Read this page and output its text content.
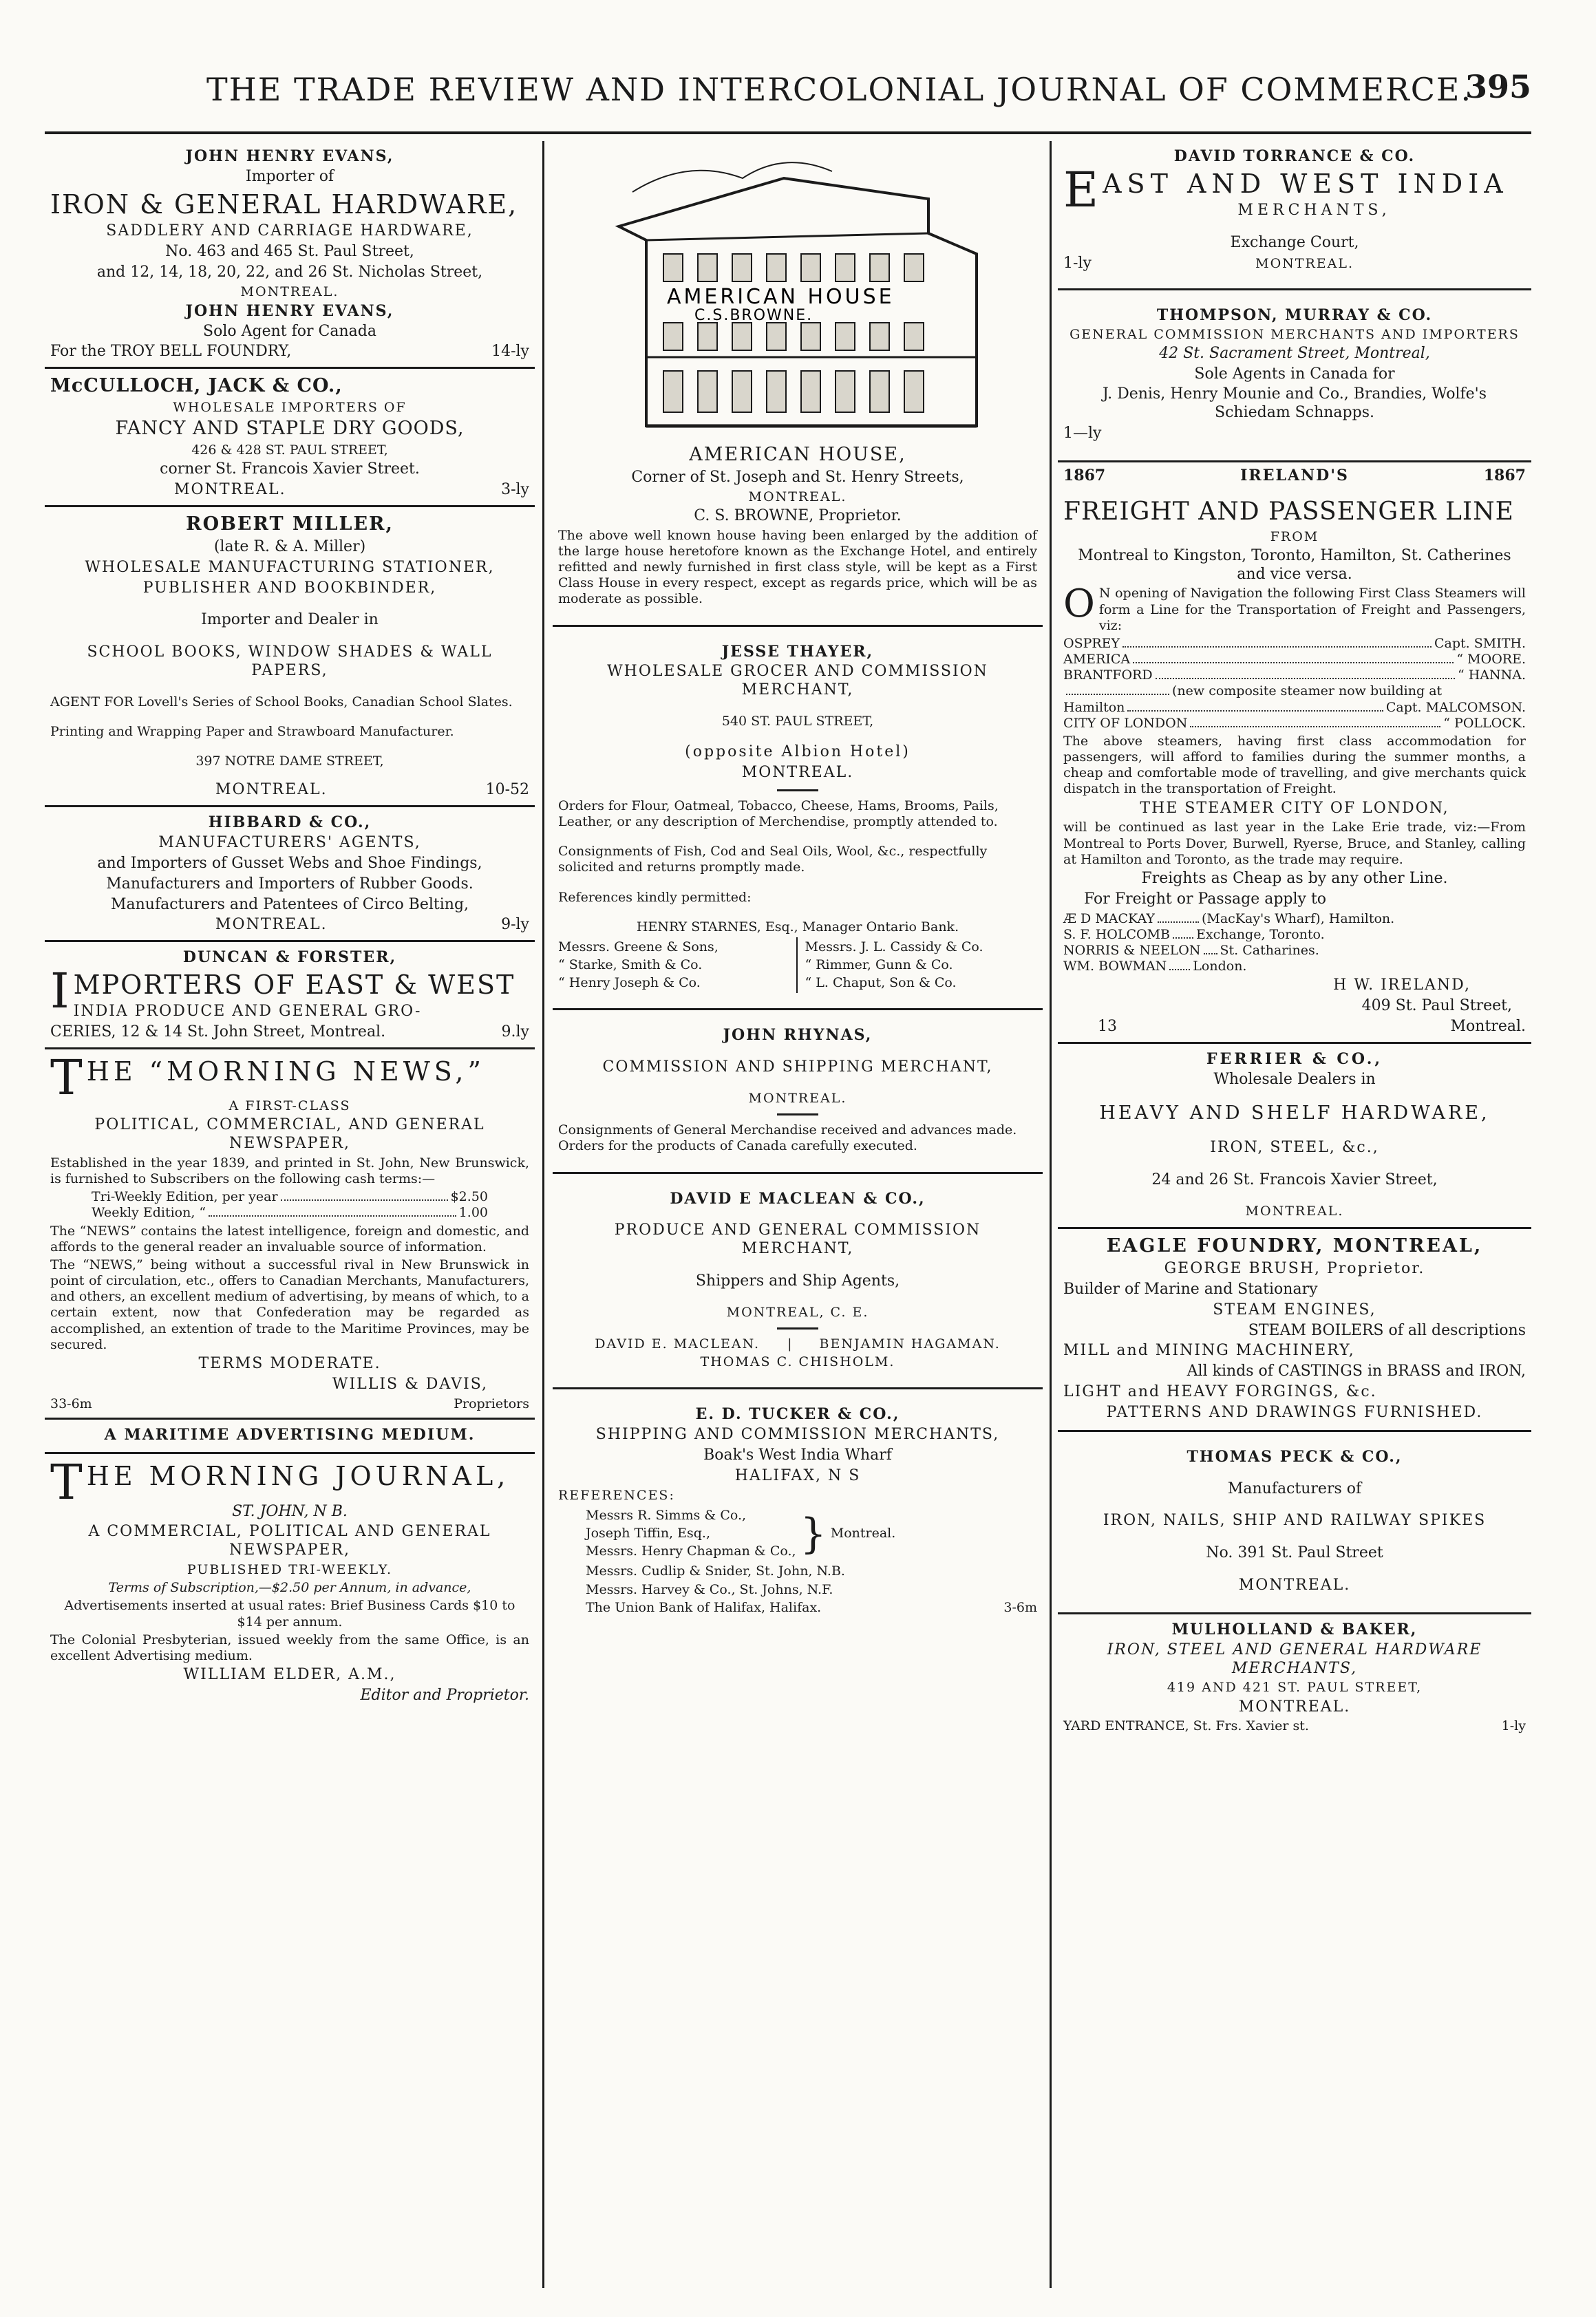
THE TRADE REVIEW AND INTERCOLONIAL JOURNAL OF COMMERCE.
395

JOHN HENRY EVANS,

Importer of

IRON & GENERAL HARDWARE,

SADDLERY AND CARRIAGE HARDWARE,

No. 463 and 465 St. Paul Street,

and 12, 14, 18, 20, 22, and 26 St. Nicholas Street,

MONTREAL.

JOHN HENRY EVANS,

Solo Agent for Canada

For the TROY BELL FOUNDRY,	14-ly

McCULLOCH, JACK & CO.,

WHOLESALE IMPORTERS OF

FANCY AND STAPLE DRY GOODS,

426 & 428 ST. PAUL STREET,

corner St. Francois Xavier Street.

MONTREAL.	3-ly

ROBERT MILLER,

(late R. & A. Miller)

WHOLESALE MANUFACTURING STATIONER,

PUBLISHER AND BOOKBINDER,

Importer and Dealer in

SCHOOL BOOKS, WINDOW SHADES & WALL PAPERS,

AGENT FOR Lovell's Series of School Books, Canadian School Slates.

Printing and Wrapping Paper and Strawboard Manufacturer.

397 NOTRE DAME STREET,

MONTREAL.	10-52

HIBBARD & CO.,

MANUFACTURERS' AGENTS,

and Importers of Gusset Webs and Shoe Findings,

Manufacturers and Importers of Rubber Goods.

Manufacturers and Patentees of Circo Belting,

MONTREAL.	9-ly

DUNCAN & FORSTER,

I MPORTERS OF EAST & WEST

INDIA PRODUCE AND GENERAL GRO-

CERIES, 12 & 14 St. John Street, Montreal.	9.ly
T HE “MORNING NEWS,”

A FIRST-CLASS

POLITICAL, COMMERCIAL, AND GENERAL NEWSPAPER,

Established in the year 1839, and printed in St. John, New Brunswick, is furnished to Subscribers on the following cash terms:—

Tri-Weekly Edition, per year	$2.50
Weekly Edition, “	1.00

The “NEWS” contains the latest intelligence, foreign and domestic, and affords to the general reader an invaluable source of information.

The “NEWS,” being without a successful rival in New Brunswick in point of circulation, etc., offers to Canadian Merchants, Manufacturers, and others, an excellent medium of advertising, by means of which, to a certain extent, now that Confederation may be regarded as accomplished, an extention of trade to the Maritime Provinces, may be secured.

TERMS MODERATE.

WILLIS & DAVIS,

33-6m	Proprietors

A MARITIME ADVERTISING MEDIUM.

T HE MORNING JOURNAL,

ST. JOHN, N B.

A COMMERCIAL, POLITICAL AND GENERAL NEWSPAPER,

PUBLISHED TRI-WEEKLY.

Terms of Subscription,—$2.50 per Annum, in advance,

Advertisements inserted at usual rates: Brief Business Cards $10 to $14 per annum.

The Colonial Presbyterian, issued weekly from the same Office, is an excellent Advertising medium.

WILLIAM ELDER, A.M.,

Editor and Proprietor.

AMERICAN HOUSE
C.S.BROWNE.

AMERICAN HOUSE,

Corner of St. Joseph and St. Henry Streets,

MONTREAL.

C. S. BROWNE, Proprietor.

The above well known house having been enlarged by the addition of the large house heretofore known as the Exchange Hotel, and entirely refitted and newly furnished in first class style, will be kept as a First Class House in every respect, except as regards price, which will be as moderate as possible.

JESSE THAYER,

WHOLESALE GROCER AND COMMISSION MERCHANT,

540 ST. PAUL STREET,

(opposite Albion Hotel)

MONTREAL.

Orders for Flour, Oatmeal, Tobacco, Cheese, Hams, Brooms, Pails, Leather, or any description of Merchendise, promptly attended to.

Consignments of Fish, Cod and Seal Oils, Wool, &c., respectfully solicited and returns promptly made.

References kindly permitted:

HENRY STARNES, Esq., Manager Ontario Bank.

Messrs. Greene & Sons,

“ Starke, Smith & Co.

“ Henry Joseph & Co.

Messrs. J. L. Cassidy & Co.

“ Rimmer, Gunn & Co.

“ L. Chaput, Son & Co.

JOHN RHYNAS,

COMMISSION AND SHIPPING MERCHANT,

MONTREAL.

Consignments of General Merchandise received and advances made. Orders for the products of Canada carefully executed.

DAVID E MACLEAN & CO.,

PRODUCE AND GENERAL COMMISSION MERCHANT,

Shippers and Ship Agents,

MONTREAL, C. E.

DAVID E. MACLEAN. | BENJAMIN HAGAMAN.

THOMAS C. CHISHOLM.

E. D. TUCKER & CO.,

SHIPPING AND COMMISSION MERCHANTS,

Boak's West India Wharf

HALIFAX, N S

REFERENCES:

Messrs R. Simms & Co.,

Joseph Tiffin, Esq.,

Messrs. Henry Chapman & Co., } Montreal.

Messrs. Cudlip & Snider, St. John, N.B.

Messrs. Harvey & Co., St. Johns, N.F.

The Union Bank of Halifax, Halifax.	3-6m

DAVID TORRANCE & CO.

E AST AND WEST INDIA

MERCHANTS,

Exchange Court,

1-ly	MONTREAL.

THOMPSON, MURRAY & CO.

GENERAL COMMISSION MERCHANTS AND IMPORTERS

42 St. Sacrament Street, Montreal,

Sole Agents in Canada for

J. Denis, Henry Mounie and Co., Brandies, Wolfe's Schiedam Schnapps.

1—ly

1867	IRELAND'S	1867

FREIGHT AND PASSENGER LINE

FROM

Montreal to Kingston, Toronto, Hamilton, St. Catherines and vice versa.

O N opening of Navigation the following First Class Steamers will form a Line for the Transportation of Freight and Passengers, viz:

OSPREY	Capt. SMITH.
AMERICA	“ MOORE.
BRANTFORD	“ HANNA.
(new composite steamer now building at
Hamilton	Capt. MALCOMSON.
CITY OF LONDON	“ POLLOCK.

The above steamers, having first class accommodation for passengers, will afford to families during the summer months, a cheap and comfortable mode of travelling, and give merchants quick dispatch in the transportation of Freight.

THE STEAMER CITY OF LONDON,

will be continued as last year in the Lake Erie trade, viz:—From Montreal to Ports Dover, Burwell, Ryerse, Bruce, and Stanley, calling at Hamilton and Toronto, as the trade may require.

Freights as Cheap as by any other Line.

For Freight or Passage apply to

Æ D MACKAY	(MacKay's Wharf), Hamilton.
S. F. HOLCOMB Exchange, Toronto.
NORRIS & NEELON St. Catharines.
WM. BOWMAN London.

H W. IRELAND,

409 St. Paul Street,

13	Montreal.

FERRIER & CO.,

Wholesale Dealers in

HEAVY AND SHELF HARDWARE,

IRON, STEEL, &c.,

24 and 26 St. Francois Xavier Street,

MONTREAL.

EAGLE FOUNDRY, MONTREAL,

GEORGE BRUSH, Proprietor.

Builder of Marine and Stationary

STEAM ENGINES,

STEAM BOILERS of all descriptions

MILL and MINING MACHINERY,

All kinds of CASTINGS in BRASS and IRON,

LIGHT and HEAVY FORGINGS, &c.

PATTERNS AND DRAWINGS FURNISHED.

THOMAS PECK & CO.,

Manufacturers of

IRON, NAILS, SHIP AND RAILWAY SPIKES

No. 391 St. Paul Street

MONTREAL.

MULHOLLAND & BAKER,

IRON, STEEL AND GENERAL HARDWARE MERCHANTS,

419 AND 421 ST. PAUL STREET,

MONTREAL.

YARD ENTRANCE, St. Frs. Xavier st.	1-ly
